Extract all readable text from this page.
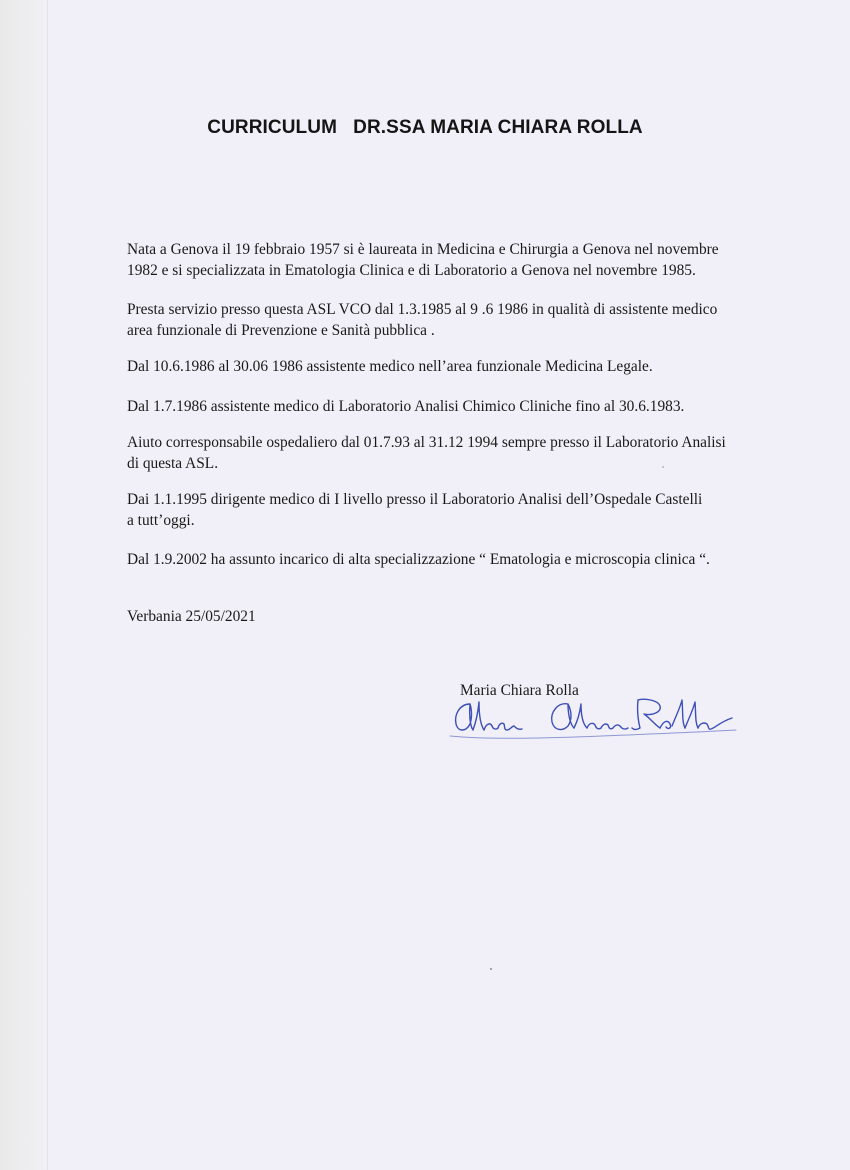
CURRICULUM   DR.SSA MARIA CHIARA ROLLA

Nata a Genova il 19 febbraio 1957 si è laureata in Medicina e Chirurgia a Genova nel novembre
1982 e si specializzata in Ematologia Clinica e di Laboratorio a Genova nel novembre 1985.

Presta servizio presso questa ASL VCO dal 1.3.1985 al 9 .6 1986 in qualità di assistente medico
area funzionale di Prevenzione e Sanità pubblica .

Dal 10.6.1986 al 30.06 1986 assistente medico nell’area funzionale Medicina Legale.

Dal 1.7.1986 assistente medico di Laboratorio Analisi Chimico Cliniche fino al 30.6.1983.

Aiuto corresponsabile ospedaliero dal 01.7.93 al 31.12 1994 sempre presso il Laboratorio Analisi
di questa ASL.

Dai 1.1.1995 dirigente medico di I livello presso il Laboratorio Analisi dell’Ospedale Castelli
a tutt’oggi.

Dal 1.9.2002 ha assunto incarico di alta specializzazione “ Ematologia e microscopia clinica “.

Verbania 25/05/2021

Maria Chiara Rolla
